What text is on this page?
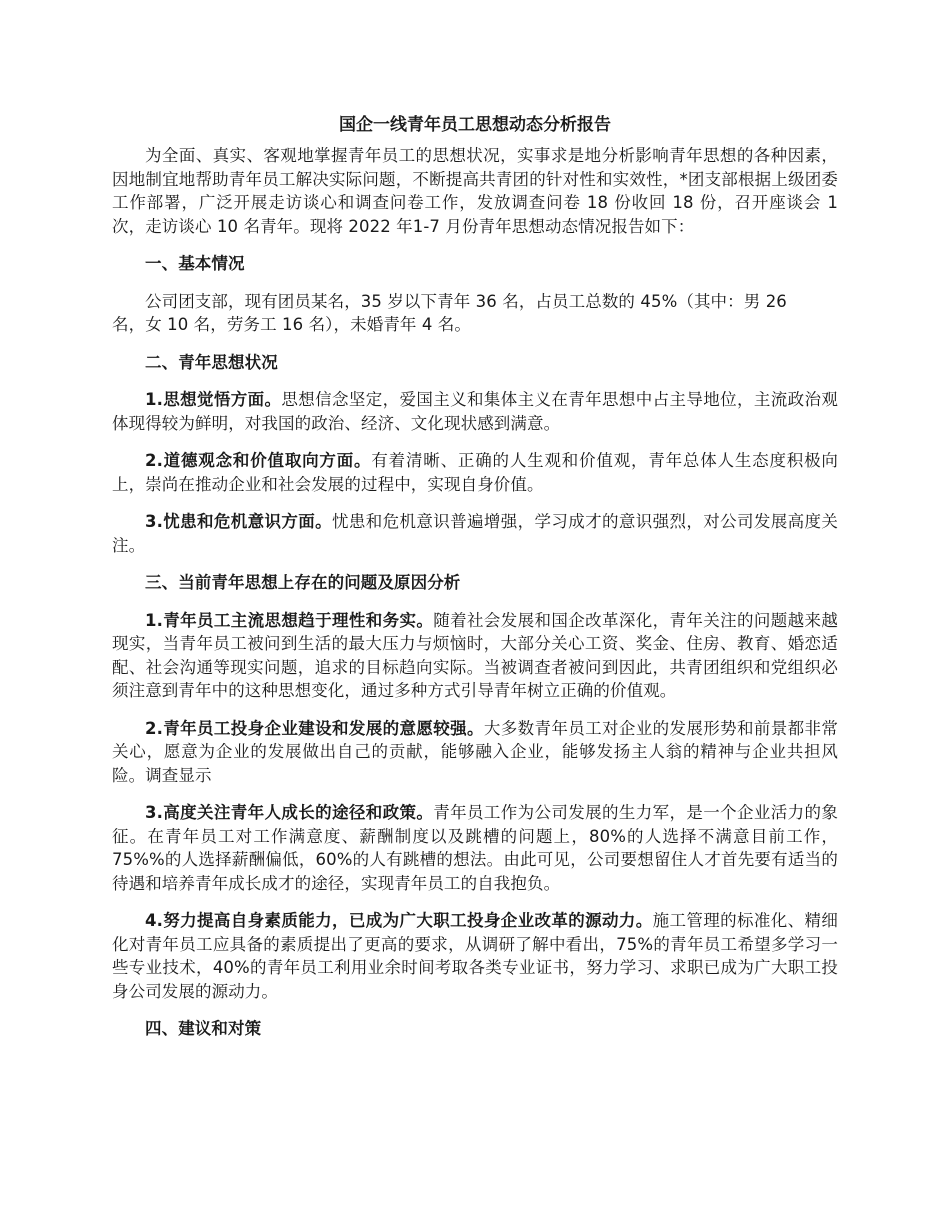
国企一线青年员工思想动态分析报告

为全面、真实、客观地掌握青年员工的思想状况，实事求是地分析影响青年思想的各种因素，因地制宜地帮助青年员工解决实际问题，不断提高共青团的针对性和实效性，*团支部根据上级团委工作部署，广泛开展走访谈心和调查问卷工作，发放调查问卷 18 份收回 18 份，召开座谈会 1 次，走访谈心 10 名青年。现将 2022 年1-7 月份青年思想动态情况报告如下：

一、基本情况

公司团支部，现有团员某名，35 岁以下青年 36 名，占员工总数的 45%（其中：男 26

名，女 10 名，劳务工 16 名），未婚青年 4 名。

二、青年思想状况

1.思想觉悟方面。思想信念坚定，爱国主义和集体主义在青年思想中占主导地位，主流政治观体现得较为鲜明，对我国的政治、经济、文化现状感到满意。

2.道德观念和价值取向方面。有着清晰、正确的人生观和价值观，青年总体人生态度积极向上，崇尚在推动企业和社会发展的过程中，实现自身价值。

3.忧患和危机意识方面。忧患和危机意识普遍增强，学习成才的意识强烈，对公司发展高度关注。

三、当前青年思想上存在的问题及原因分析

1.青年员工主流思想趋于理性和务实。随着社会发展和国企改革深化，青年关注的问题越来越现实，当青年员工被问到生活的最大压力与烦恼时，大部分关心工资、奖金、住房、教育、婚恋适配、社会沟通等现实问题，追求的目标趋向实际。当被调查者被问到因此，共青团组织和党组织必须注意到青年中的这种思想变化，通过多种方式引导青年树立正确的价值观。

2.青年员工投身企业建设和发展的意愿较强。大多数青年员工对企业的发展形势和前景都非常关心，愿意为企业的发展做出自己的贡献，能够融入企业，能够发扬主人翁的精神与企业共担风险。调查显示

3.高度关注青年人成长的途径和政策。青年员工作为公司发展的生力军，是一个企业活力的象征。在青年员工对工作满意度、薪酬制度以及跳槽的问题上，80%的人选择不满意目前工作，75%%的人选择薪酬偏低，60%的人有跳槽的想法。由此可见，公司要想留住人才首先要有适当的待遇和培养青年成长成才的途径，实现青年员工的自我抱负。

4.努力提高自身素质能力，已成为广大职工投身企业改革的源动力。施工管理的标准化、精细化对青年员工应具备的素质提出了更高的要求，从调研了解中看出，75%的青年员工希望多学习一些专业技术，40%的青年员工利用业余时间考取各类专业证书，努力学习、求职已成为广大职工投身公司发展的源动力。

四、建议和对策
